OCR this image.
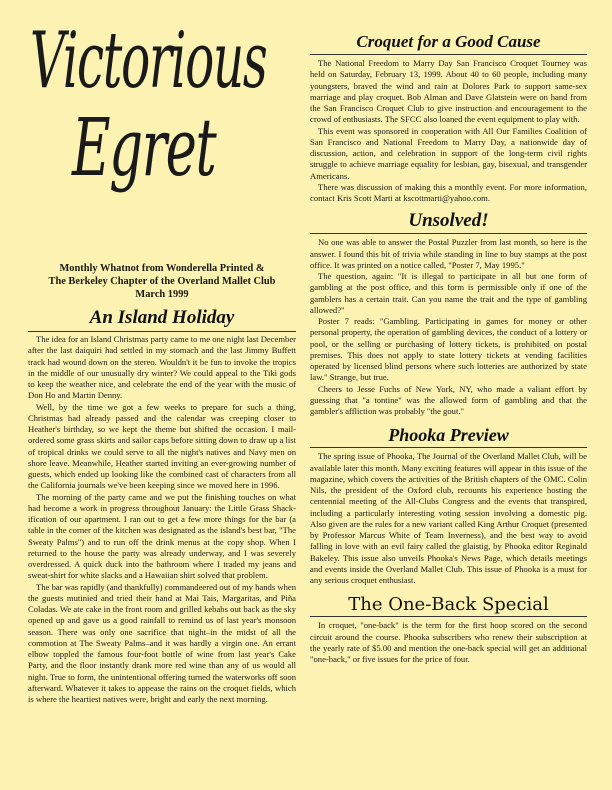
Victorious
Egret
Monthly Whatnot from Wonderella Printed &
The Berkeley Chapter of the Overland Mallet Club
March 1999
An Island Holiday

The idea for an Island Christmas party came to me one night last December after the last daiquiri had settled in my stomach and the last Jimmy Buffett track had wound down on the stereo. Wouldn't it be fun to invoke the tropics in the middle of our unusually dry winter? We could appeal to the Tiki gods to keep the weather nice, and celebrate the end of the year with the music of Don Ho and Martin Denny.

Well, by the time we got a few weeks to prepare for such a thing, Christmas had already passed and the calendar was creeping closer to Heather's birthday, so we kept the theme but shifted the occasion. I mail-ordered some grass skirts and sailor caps before sitting down to draw up a list of tropical drinks we could serve to all the night's natives and Navy men on shore leave. Meanwhile, Heather started inviting an ever-growing number of guests, which ended up looking like the combined cast of characters from all the California journals we've been keeping since we moved here in 1996.

The morning of the party came and we put the finishing touches on what had become a work in progress throughout January: the Little Grass Shack-ification of our apartment. I ran out to get a few more things for the bar (a table in the corner of the kitchen was designated as the island's best bar, "The Sweaty Palms") and to run off the drink menus at the copy shop. When I returned to the house the party was already underway, and I was severely overdressed. A quick duck into the bathroom where I traded my jeans and sweat-shirt for white slacks and a Hawaiian shirt solved that problem.

The bar was rapidly (and thankfully) commandeered out of my hands when the guests mutinied and tried their hand at Mai Tais, Margaritas, and Piña Coladas. We ate cake in the front room and grilled kebabs out back as the sky opened up and gave us a good rainfall to remind us of last year's monsoon season. There was only one sacrifice that night–in the midst of all the commotion at The Sweaty Palms–and it was hardly a virgin one. An errant elbow toppled the famous four-foot bottle of wine from last year's Cake Party, and the floor instantly drank more red wine than any of us would all night. True to form, the unintentional offering turned the waterworks off soon afterward. Whatever it takes to appease the rains on the croquet fields, which is where the heartiest natives were, bright and early the next morning.

Croquet for a Good Cause

The National Freedom to Marry Day San Francisco Croquet Tourney was held on Saturday, February 13, 1999. About 40 to 60 people, including many youngsters, braved the wind and rain at Dolores Park to support same-sex marriage and play croquet. Bob Alman and Dave Glatstein were on hand from the San Francisco Croquet Club to give instruction and encouragement to the crowd of enthusiasts. The SFCC also loaned the event equipment to play with.

This event was sponsored in cooperation with All Our Families Coalition of San Francisco and National Freedom to Marry Day, a nationwide day of discussion, action, and celebration in support of the long-term civil rights struggle to achieve marriage equality for lesbian, gay, bisexual, and transgender Americans.

There was discussion of making this a monthly event. For more information, contact Kris Scott Marti at kscottmarti@yahoo.com.

Unsolved!

No one was able to answer the Postal Puzzler from last month, so here is the answer. I found this bit of trivia while standing in line to buy stamps at the post office. It was printed on a notice called, "Poster 7, May 1995."

The question, again: "It is illegal to participate in all but one form of gambling at the post office, and this form is permissible only if one of the gamblers has a certain trait. Can you name the trait and the type of gambling allowed?"

Poster 7 reads: "Gambling. Participating in games for money or other personal property, the operation of gambling devices, the conduct of a lottery or pool, or the selling or purchasing of lottery tickets, is prohibited on postal premises. This does not apply to state lottery tickets at vending facilities operated by licensed blind persons where such lotteries are authorized by state law." Strange, but true.

Cheers to Jesse Fuchs of New York, NY, who made a valiant effort by guessing that "a tontine" was the allowed form of gambling and that the gambler's affliction was probably "the gout."

Phooka Preview

The spring issue of Phooka, The Journal of the Overland Mallet Club, will be available later this month. Many exciting features will appear in this issue of the magazine, which covers the activities of the British chapters of the OMC. Colin Nils, the president of the Oxford club, recounts his experience hosting the centennial meeting of the All-Clubs Congress and the events that transpired, including a particularly interesting voting session involving a domestic pig. Also given are the rules for a new variant called King Arthur Croquet (presented by Professor Marcus White of Team Inverness), and the best way to avoid falling in love with an evil fairy called the glaistig, by Phooka editor Reginald Bakeley. This issue also unveils Phooka's News Page, which details meetings and events inside the Overland Mallet Club. This issue of Phooka is a must for any serious croquet enthusiast.

The One-Back Special

In croquet, "one-back" is the term for the first hoop scored on the second circuit around the course. Phooka subscribers who renew their subscription at the yearly rate of $5.00 and mention the one-back special will get an additional "one-back," or five issues for the price of four.
